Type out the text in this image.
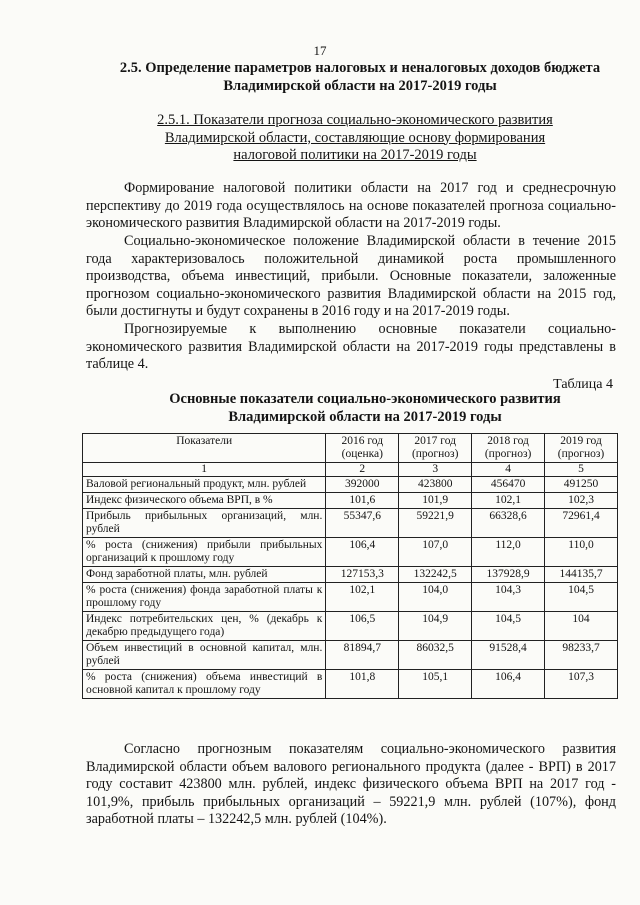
17
2.5. Определение параметров налоговых и неналоговых доходов бюджета Владимирской области на 2017-2019 годы
2.5.1. Показатели прогноза социально-экономического развития Владимирской области, составляющие основу формирования налоговой политики на 2017-2019 годы

Формирование налоговой политики области на 2017 год и среднесрочную перспективу до 2019 года осуществлялось на основе показателей прогноза социально-экономического развития Владимирской области на 2017-2019 годы.

Социально-экономическое положение Владимирской области в течение 2015 года характеризовалось положительной динамикой роста промышленного производства, объема инвестиций, прибыли. Основные показатели, заложенные прогнозом социально-экономического развития Владимирской области на 2015 год, были достигнуты и будут сохранены в 2016 году и на 2017-2019 годы.

Прогнозируемые к выполнению основные показатели социально-экономического развития Владимирской области на 2017-2019 годы представлены в таблице 4.

Таблица 4
Основные показатели социально-экономического развития Владимирской области на 2017-2019 годы
Показатели	2016 год (оценка)	2017 год (прогноз)	2018 год (прогноз)	2019 год (прогноз)
1	2	3	4	5
Валовой региональный продукт, млн. рублей	392000	423800	456470	491250
Индекс физического объема ВРП, в %	101,6	101,9	102,1	102,3
Прибыль прибыльных организаций, млн. рублей	55347,6	59221,9	66328,6	72961,4
% роста (снижения) прибыли прибыльных организаций к прошлому году	106,4	107,0	112,0	110,0
Фонд заработной платы, млн. рублей	127153,3	132242,5	137928,9	144135,7
% роста (снижения) фонда заработной платы к прошлому году	102,1	104,0	104,3	104,5
Индекс потребительских цен, % (декабрь к декабрю предыдущего года)	106,5	104,9	104,5	104
Объем инвестиций в основной капитал, млн. рублей	81894,7	86032,5	91528,4	98233,7
% роста (снижения) объема инвестиций в основной капитал к прошлому году	101,8	105,1	106,4	107,3

Согласно прогнозным показателям социально-экономического развития Владимирской области объем валового регионального продукта (далее - ВРП) в 2017 году составит 423800 млн. рублей, индекс физического объема ВРП на 2017 год - 101,9%, прибыль прибыльных организаций – 59221,9 млн. рублей (107%), фонд заработной платы – 132242,5 млн. рублей (104%).
